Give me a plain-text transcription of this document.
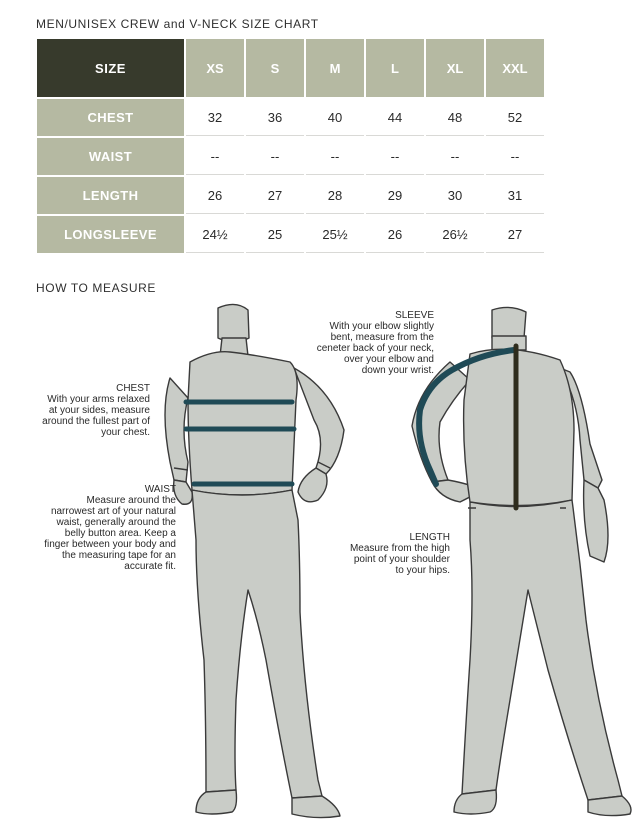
MEN/UNISEX CREW and V-NECK SIZE CHART
SIZE	XS	S	M	L	XL	XXL
CHEST	32	36	40	44	48	52
WAIST	--	--	--	--	--	--
LENGTH	26	27	28	29	30	31
LONGSLEEVE	24½	25	25½	26	26½	27
HOW TO MEASURE
CHEST
With your arms relaxed
at your sides, measure
around the fullest part of
your chest.
WAIST
Measure around the
narrowest art of your natural
waist, generally around the
belly button area. Keep a
finger between your body and
the measuring tape for an
accurate fit.
SLEEVE
With your elbow slightly
bent, measure from the
ceneter back of your neck,
over your elbow and
down your wrist.
LENGTH
Measure from the high
point of your shoulder
to your hips.
